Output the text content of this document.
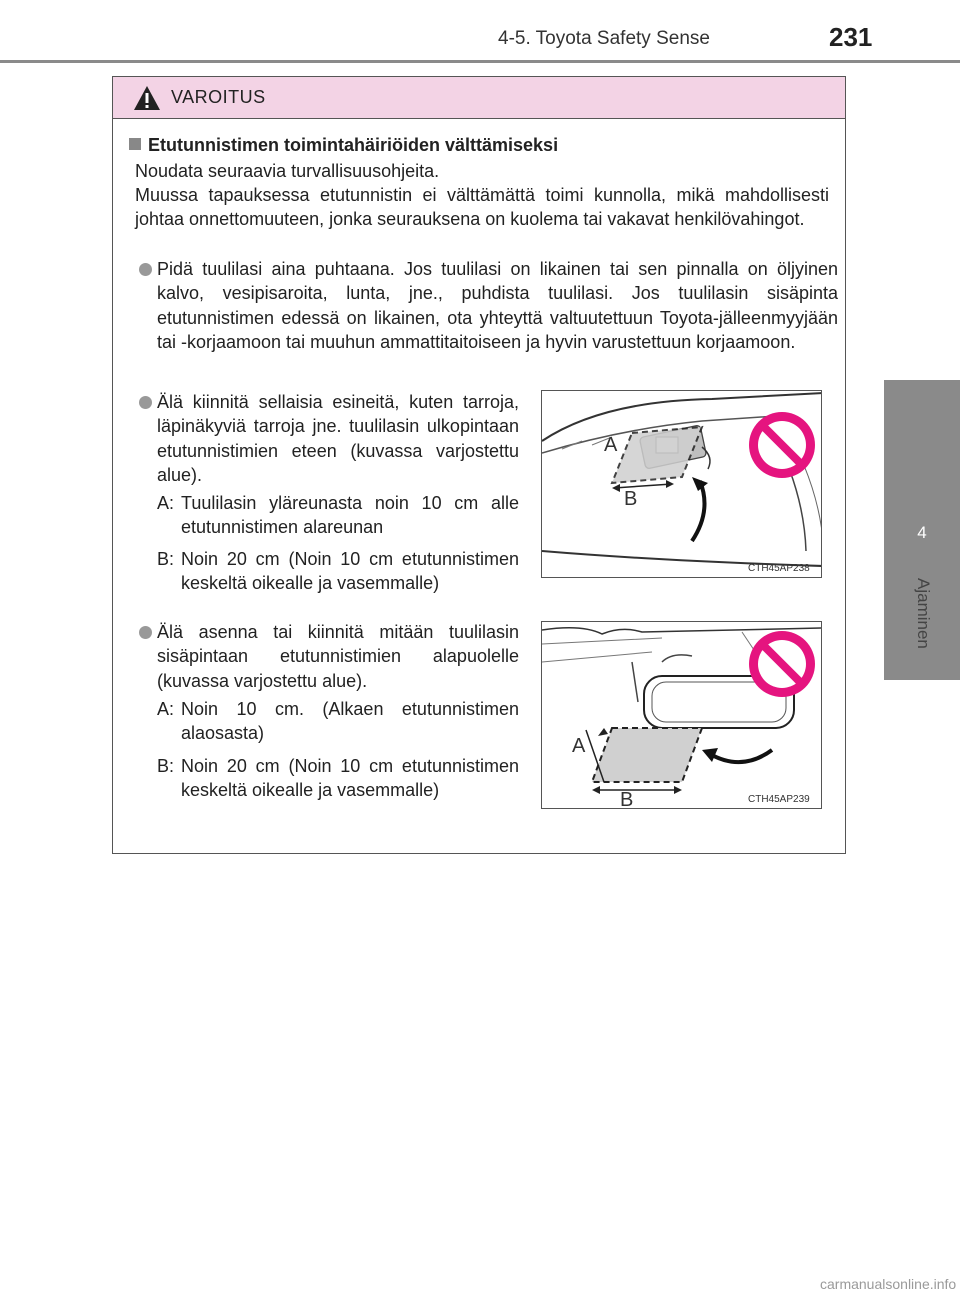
4-5. Toyota Safety Sense	231
4
Ajaminen
VAROITUS
Etutunnistimen toimintahäiriöiden välttämiseksi
Noudata seuraavia turvallisuusohjeita.
Muussa tapauksessa etutunnistin ei välttämättä toimi kunnolla, mikä mahdollisesti johtaa onnettomuuteen, jonka seurauksena on kuolema tai vakavat henkilövahingot.
Pidä tuulilasi aina puhtaana. Jos tuulilasi on likainen tai sen pinnalla on öljyinen kalvo, vesipisaroita, lunta, jne., puhdista tuulilasi. Jos tuulilasin sisäpinta etutunnistimen edessä on likainen, ota yhteyttä valtuutettuun Toyota-jälleenmyyjään tai -korjaamoon tai muuhun ammattitaitoiseen ja hyvin varustettuun korjaamoon.
Älä kiinnitä sellaisia esineitä, kuten tarroja, läpinäkyviä tarroja jne. tuulilasin ulkopintaan etutunnistimien eteen (kuvassa varjostettu alue).
A: Tuulilasin yläreunasta noin 10 cm alle etutunnistimen alareunan
B: Noin 20 cm (Noin 10 cm etutunnistimen keskeltä oikealle ja vasemmalle)
A
B
CTH45AP238
Älä asenna tai kiinnitä mitään tuulilasin sisäpintaan etutunnistimien alapuolelle (kuvassa varjostettu alue).
A: Noin 10 cm. (Alkaen etutunnistimen alaosasta)
B: Noin 20 cm (Noin 10 cm etutunnistimen keskeltä oikealle ja vasemmalle)
A
B	CTH45AP239
carmanualsonline.info
